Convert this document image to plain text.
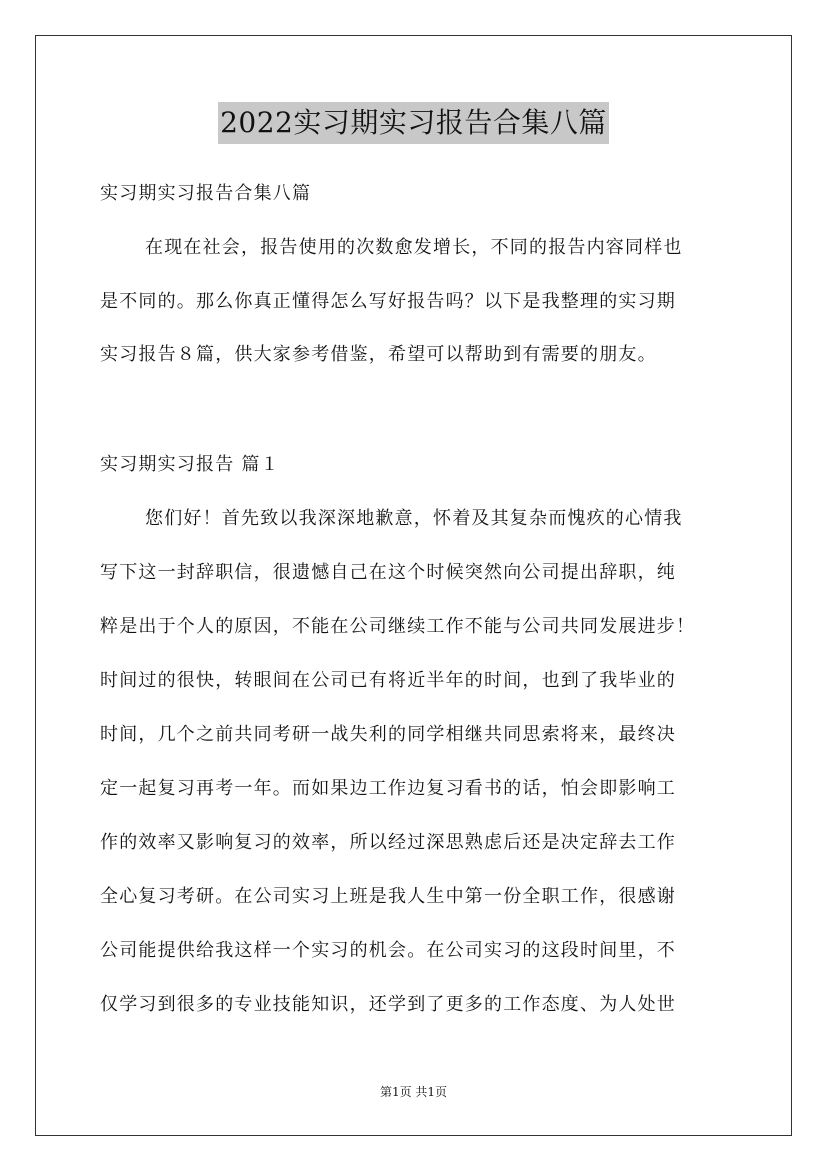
2022实习期实习报告合集八篇
实习期实习报告合集八篇
在现在社会，报告使用的次数愈发增长，不同的报告内容同样也
是不同的。那么你真正懂得怎么写好报告吗？以下是我整理的实习期
实习报告８篇，供大家参考借鉴，希望可以帮助到有需要的朋友。
实习期实习报告 篇１
您们好！首先致以我深深地歉意，怀着及其复杂而愧疚的心情我
写下这一封辞职信，很遗憾自己在这个时候突然向公司提出辞职，纯
粹是出于个人的原因，不能在公司继续工作不能与公司共同发展进步！
时间过的很快，转眼间在公司已有将近半年的时间，也到了我毕业的
时间，几个之前共同考研一战失利的同学相继共同思索将来，最终决
定一起复习再考一年。而如果边工作边复习看书的话，怕会即影响工
作的效率又影响复习的效率，所以经过深思熟虑后还是决定辞去工作
全心复习考研。在公司实习上班是我人生中第一份全职工作，很感谢
公司能提供给我这样一个实习的机会。在公司实习的这段时间里，不
仅学习到很多的专业技能知识，还学到了更多的工作态度、为人处世
第1页 共1页
